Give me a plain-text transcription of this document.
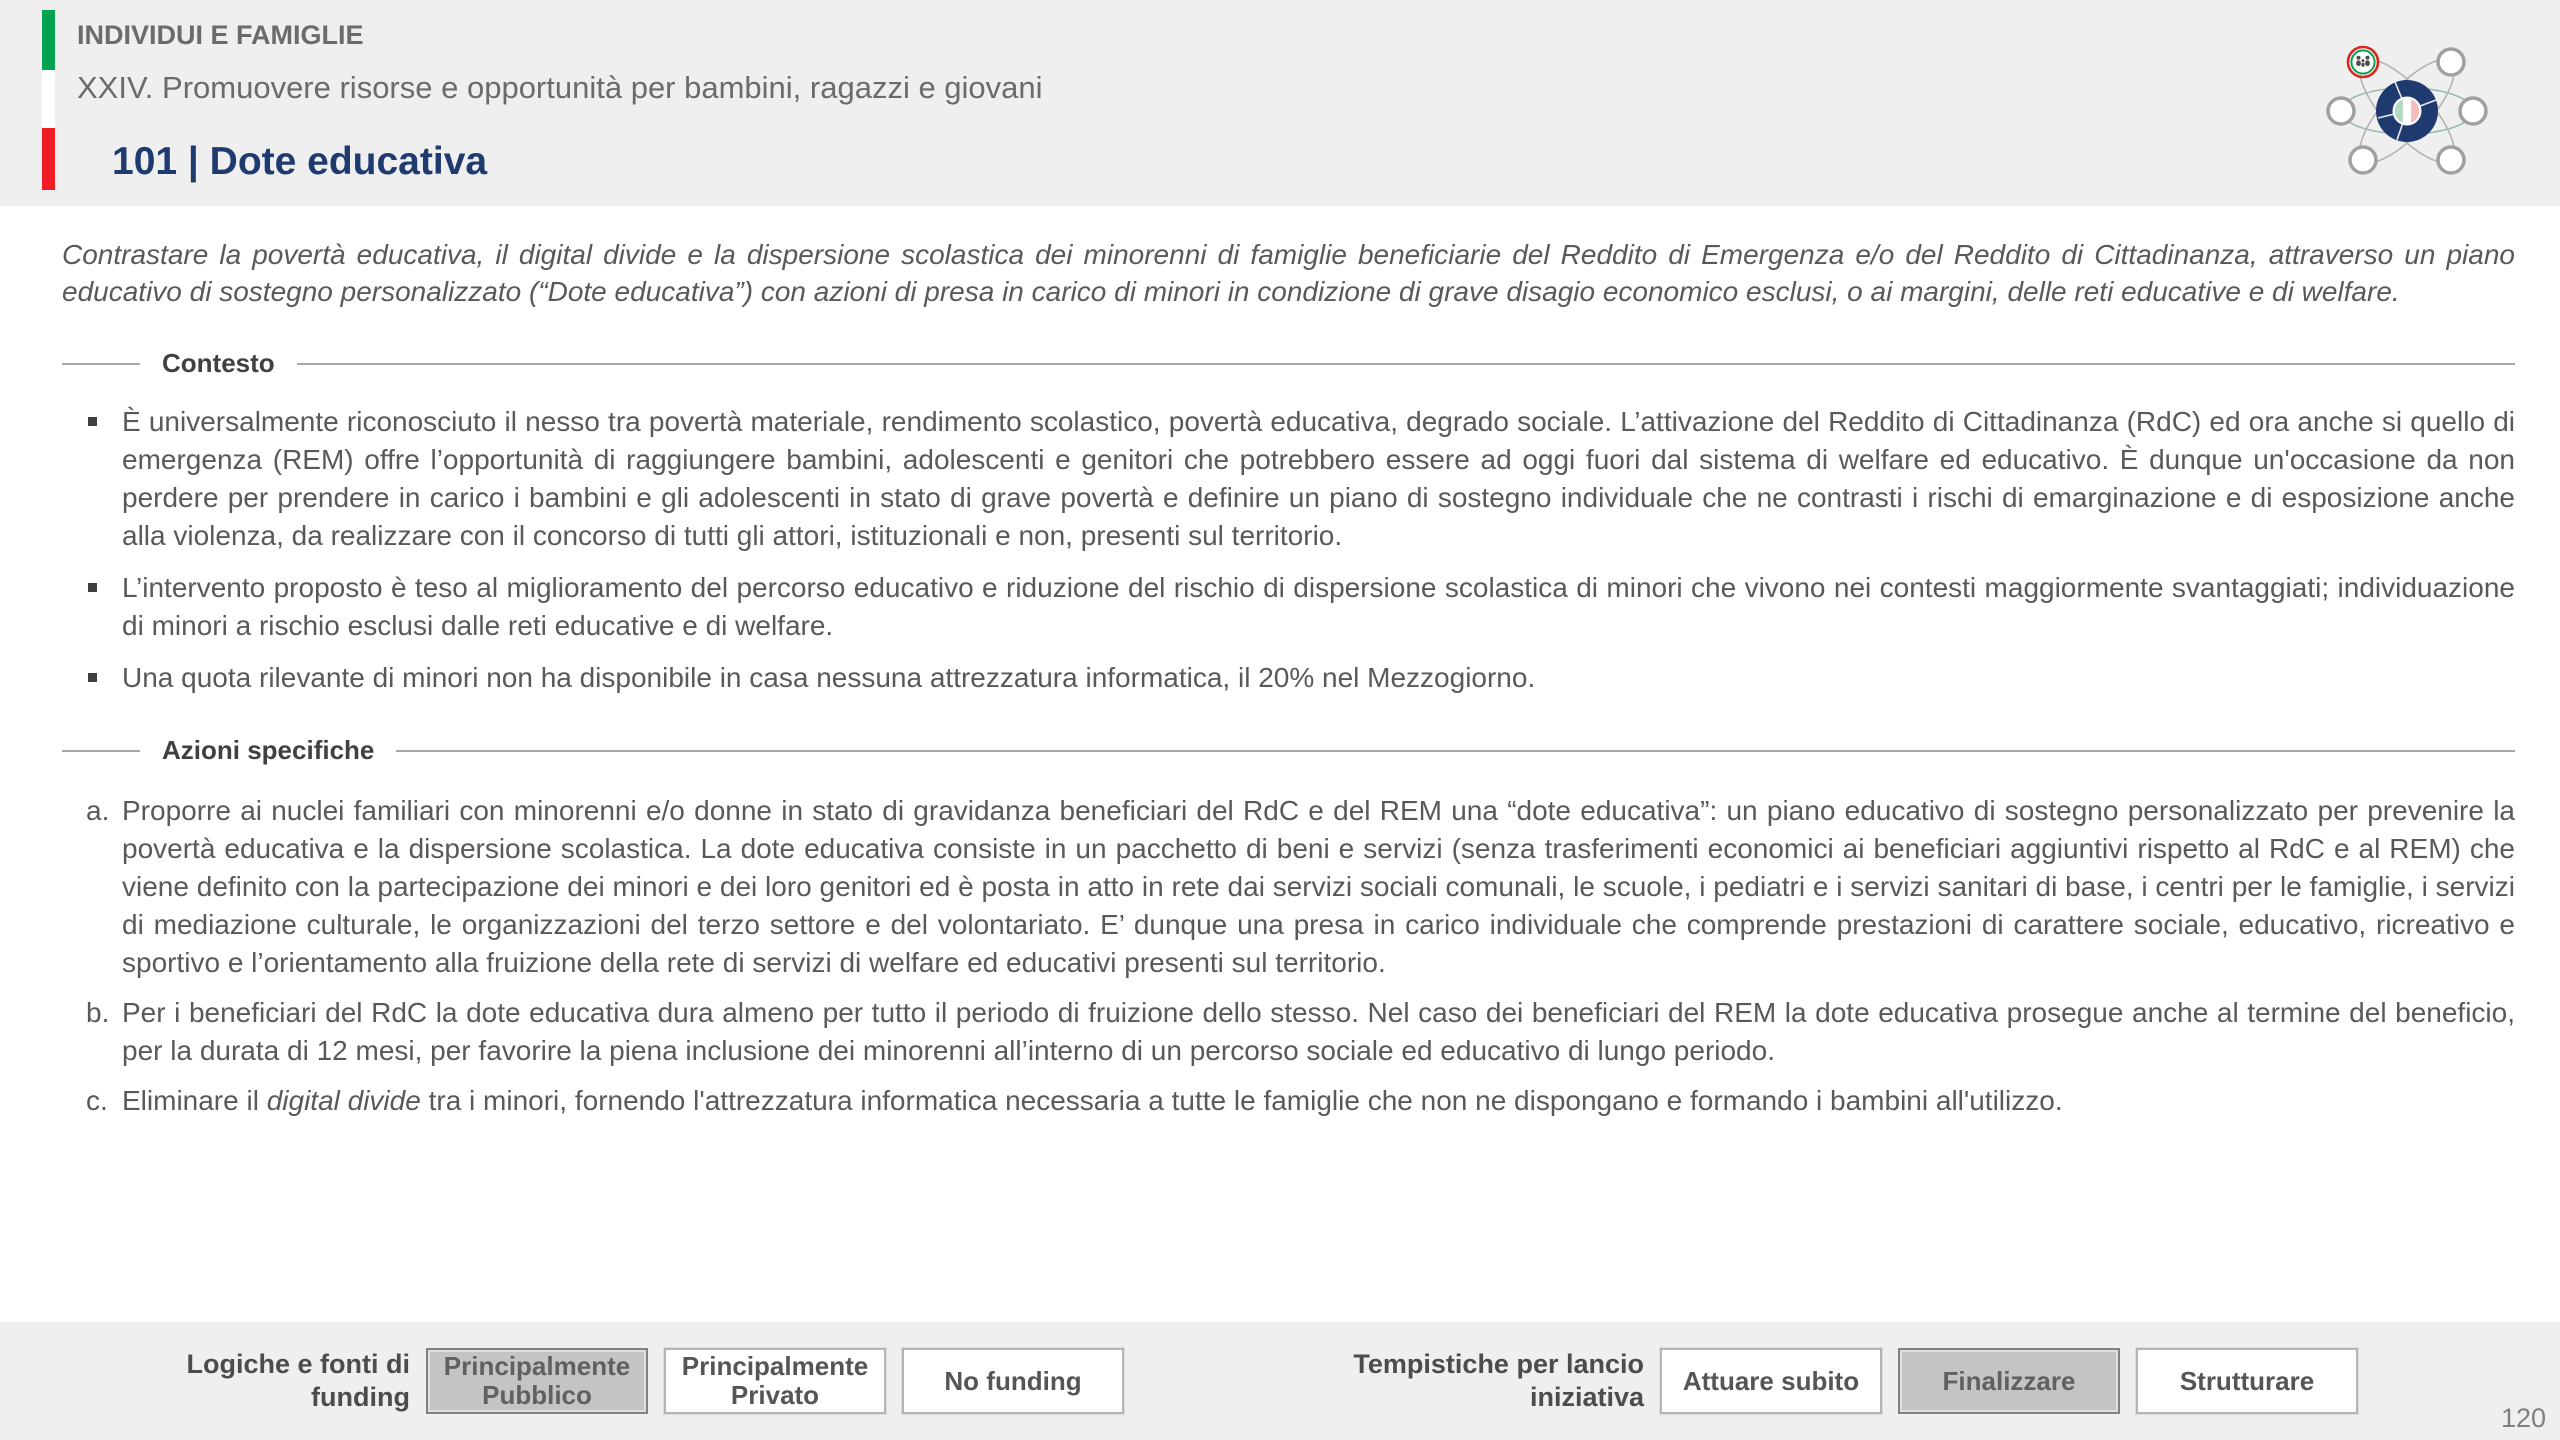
INDIVIDUI E FAMIGLIE
XXIV. Promuovere risorse e opportunità per bambini, ragazzi e giovani
101 | Dote educativa
Contrastare la povertà educativa, il digital divide e la dispersione scolastica dei minorenni di famiglie beneficiarie del Reddito di Emergenza e/o del Reddito di Cittadinanza, attraverso un piano educativo di sostegno personalizzato (“Dote educativa”) con azioni di presa in carico di minori in condizione di grave disagio economico esclusi, o ai margini, delle reti educative e di welfare.
Contesto
È universalmente riconosciuto il nesso tra povertà materiale, rendimento scolastico, povertà educativa, degrado sociale. L’attivazione del Reddito di Cittadinanza (RdC) ed ora anche si quello di emergenza (REM) offre l’opportunità di raggiungere bambini, adolescenti e genitori che potrebbero essere ad oggi fuori dal sistema di welfare ed educativo. È dunque un'occasione da non perdere per prendere in carico i bambini e gli adolescenti in stato di grave povertà e definire un piano di sostegno individuale che ne contrasti i rischi di emarginazione e di esposizione anche alla violenza, da realizzare con il concorso di tutti gli attori, istituzionali e non, presenti sul territorio.
L’intervento proposto è teso al miglioramento del percorso educativo e riduzione del rischio di dispersione scolastica di minori che vivono nei contesti maggiormente svantaggiati; individuazione di minori a rischio esclusi dalle reti educative e di welfare.
Una quota rilevante di minori non ha disponibile in casa nessuna attrezzatura informatica, il 20% nel Mezzogiorno.
Azioni specifiche
a. Proporre ai nuclei familiari con minorenni e/o donne in stato di gravidanza beneficiari del RdC e del REM una “dote educativa”: un piano educativo di sostegno personalizzato per prevenire la povertà educativa e la dispersione scolastica. La dote educativa consiste in un pacchetto di beni e servizi (senza trasferimenti economici ai beneficiari aggiuntivi rispetto al RdC e al REM) che viene definito con la partecipazione dei minori e dei loro genitori ed è posta in atto in rete dai servizi sociali comunali, le scuole, i pediatri e i servizi sanitari di base, i centri per le famiglie, i servizi di mediazione culturale, le organizzazioni del terzo settore e del volontariato. E’ dunque una presa in carico individuale che comprende prestazioni di carattere sociale, educativo, ricreativo e sportivo e l’orientamento alla fruizione della rete di servizi di welfare ed educativi presenti sul territorio.
b. Per i beneficiari del RdC la dote educativa dura almeno per tutto il periodo di fruizione dello stesso. Nel caso dei beneficiari del REM la dote educativa prosegue anche al termine del beneficio, per la durata di 12 mesi, per favorire la piena inclusione dei minorenni all’interno di un percorso sociale ed educativo di lungo periodo.
c. Eliminare il digital divide tra i minori, fornendo l'attrezzatura informatica necessaria a tutte le famiglie che non ne dispongano e formando i bambini all'utilizzo.
Logiche e fonti di funding
Principalmente Pubblico
Principalmente Privato	No funding
Tempistiche per lancio iniziativa
Attuare subito	Finalizzare	Strutturare
120
